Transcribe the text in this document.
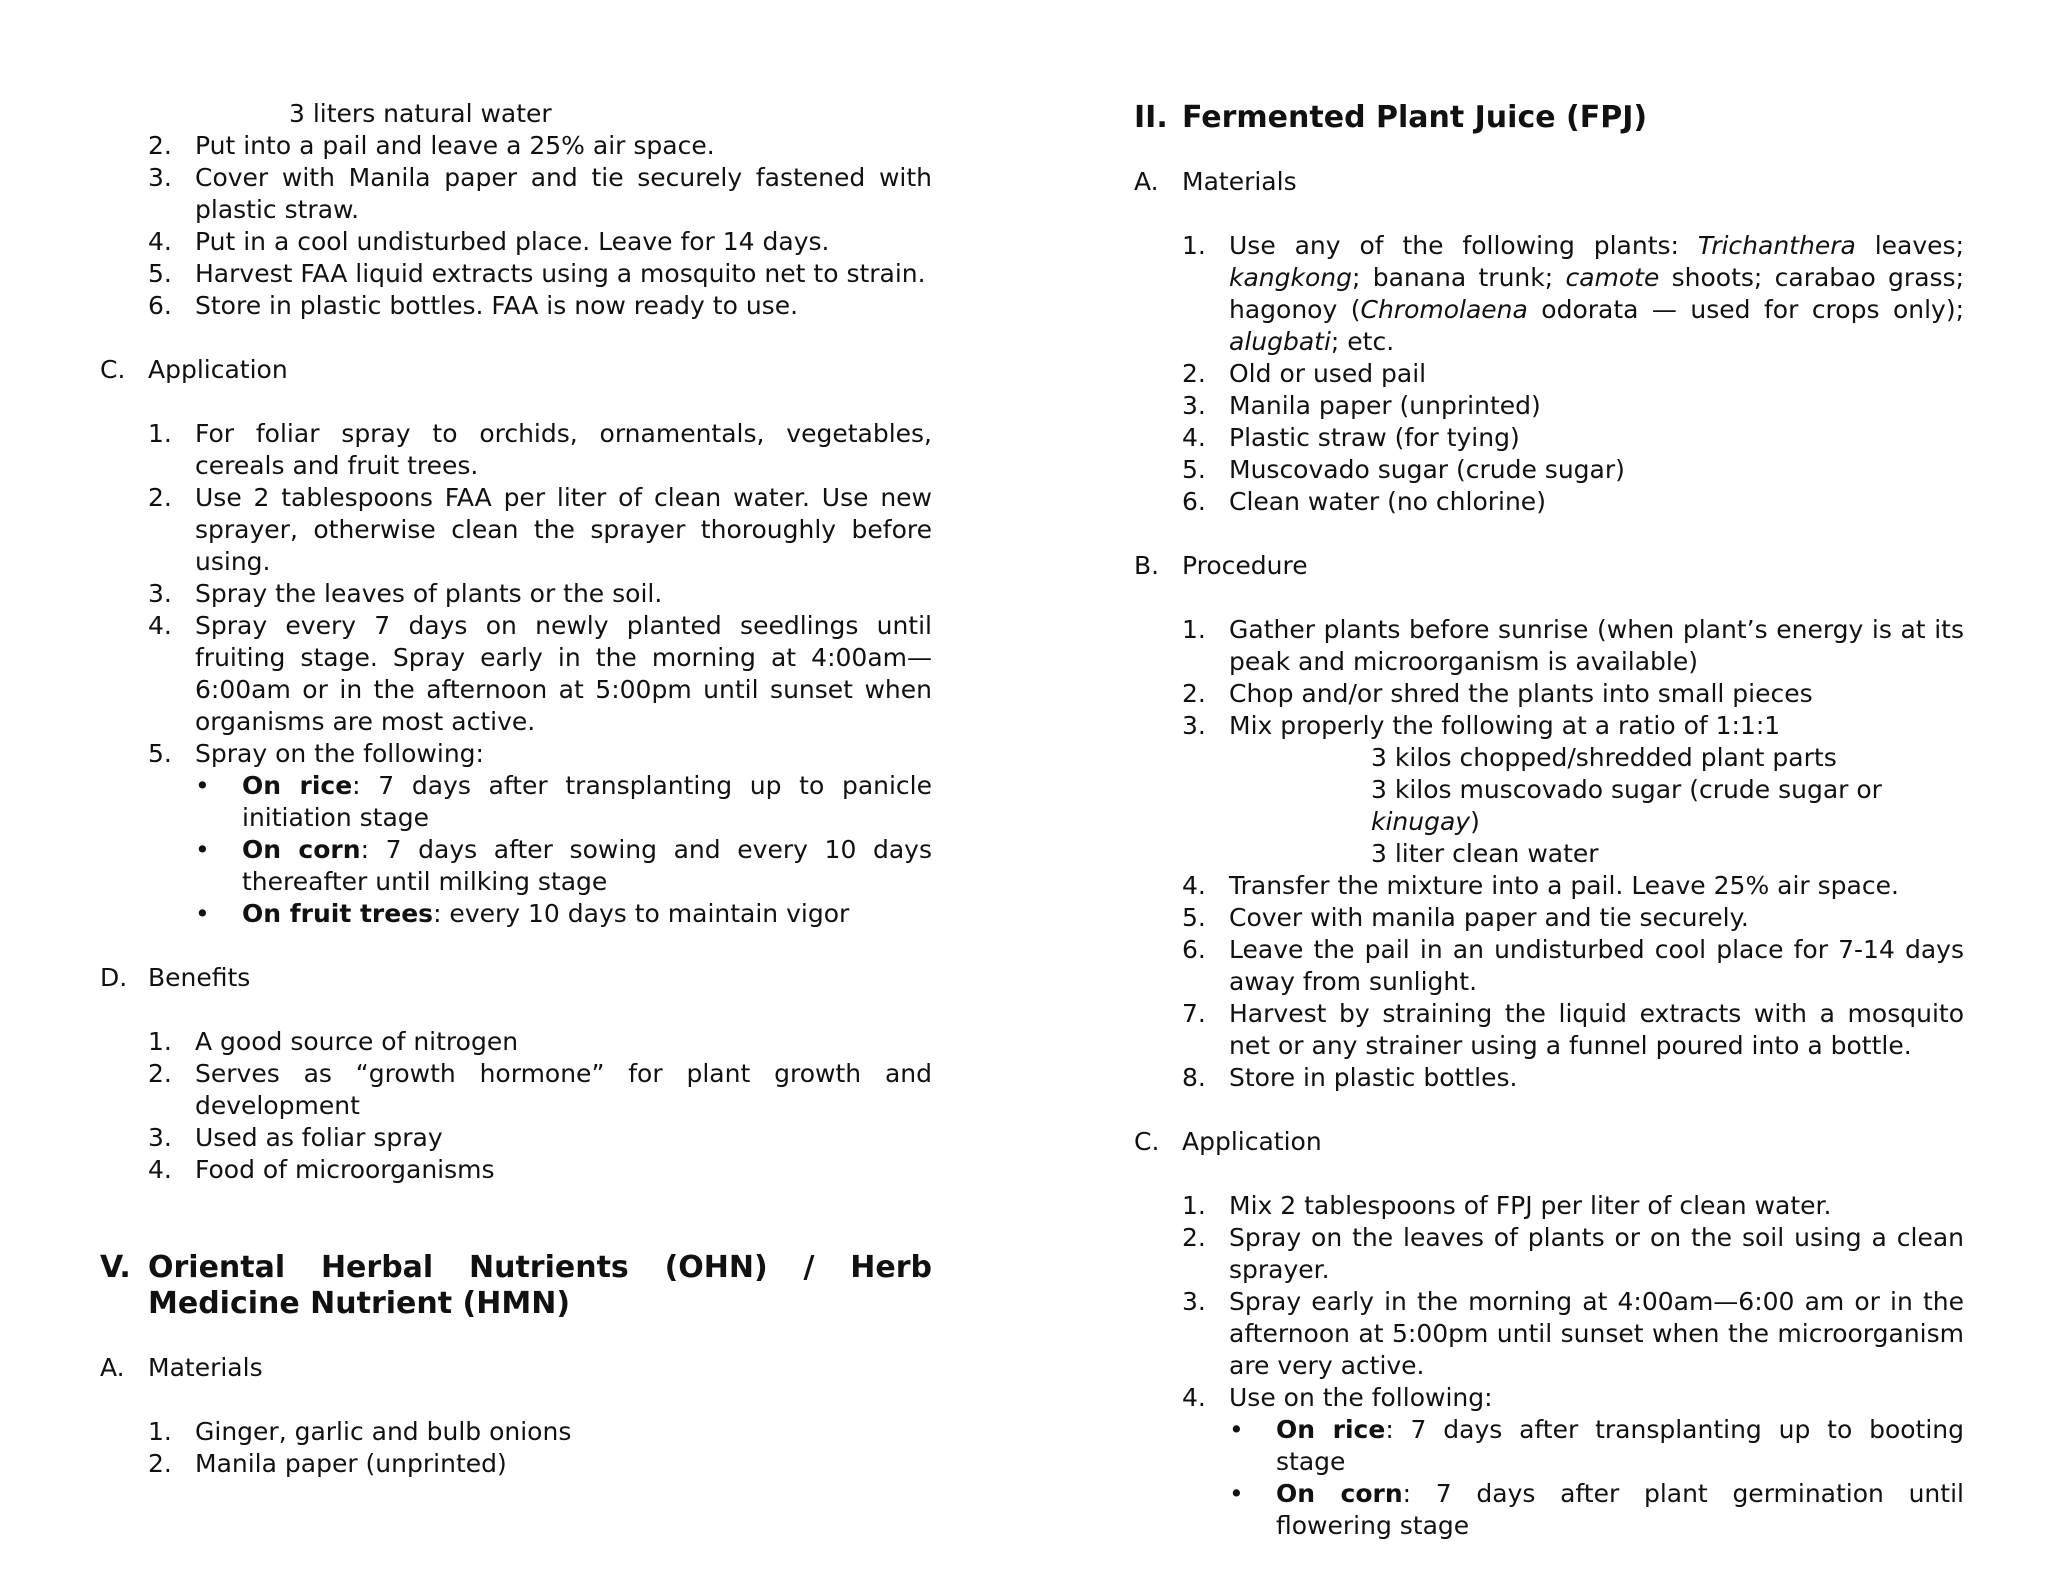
3 liters natural water
2. Put into a pail and leave a 25% air space.
3. Cover with Manila paper and tie securely fastened with plastic straw.
4. Put in a cool undisturbed place. Leave for 14 days.
5. Harvest FAA liquid extracts using a mosquito net to strain.
6. Store in plastic bottles. FAA is now ready to use.
C. Application
1. For foliar spray to orchids, ornamentals, vegetables, cereals and fruit trees.
2. Use 2 tablespoons FAA per liter of clean water. Use new sprayer, otherwise clean the sprayer thoroughly before using.
3. Spray the leaves of plants or the soil.
4. Spray every 7 days on newly planted seedlings until fruiting stage. Spray early in the morning at 4:00am—6:00am or in the afternoon at 5:00pm until sunset when organisms are most active.
5. Spray on the following:
•	On rice: 7 days after transplanting up to panicle initiation stage
•	On corn: 7 days after sowing and every 10 days thereafter until milking stage
•	On fruit trees: every 10 days to maintain vigor
D. Benefits
1. A good source of nitrogen
2. Serves as “growth hormone” for plant growth and development
3. Used as foliar spray
4. Food of microorganisms
V. Oriental Herbal Nutrients (OHN) / Herb Medicine Nutrient (HMN)
A. Materials
1. Ginger, garlic and bulb onions
2. Manila paper (unprinted)
II. Fermented Plant Juice (FPJ)
A. Materials
1. Use any of the following plants: Trichanthera leaves; kangkong; banana trunk; camote shoots; carabao grass; hagonoy (Chromolaena odorata — used for crops only); alugbati; etc.
2. Old or used pail
3. Manila paper (unprinted)
4. Plastic straw (for tying)
5. Muscovado sugar (crude sugar)
6. Clean water (no chlorine)
B. Procedure
1. Gather plants before sunrise (when plant’s energy is at its peak and microorganism is available)
2. Chop and/or shred the plants into small pieces
3. Mix properly the following at a ratio of 1:1:1
3 kilos chopped/shredded plant parts
3 kilos muscovado sugar (crude sugar or kinugay)
3 liter clean water
4. Transfer the mixture into a pail. Leave 25% air space.
5. Cover with manila paper and tie securely.
6. Leave the pail in an undisturbed cool place for 7-14 days away from sunlight.
7. Harvest by straining the liquid extracts with a mosquito net or any strainer using a funnel poured into a bottle.
8. Store in plastic bottles.
C. Application
1. Mix 2 tablespoons of FPJ per liter of clean water.
2. Spray on the leaves of plants or on the soil using a clean sprayer.
3. Spray early in the morning at 4:00am—6:00 am or in the afternoon at 5:00pm until sunset when the microorganism are very active.
4. Use on the following:
•	On rice: 7 days after transplanting up to booting stage
•	On corn: 7 days after plant germination until flowering stage
